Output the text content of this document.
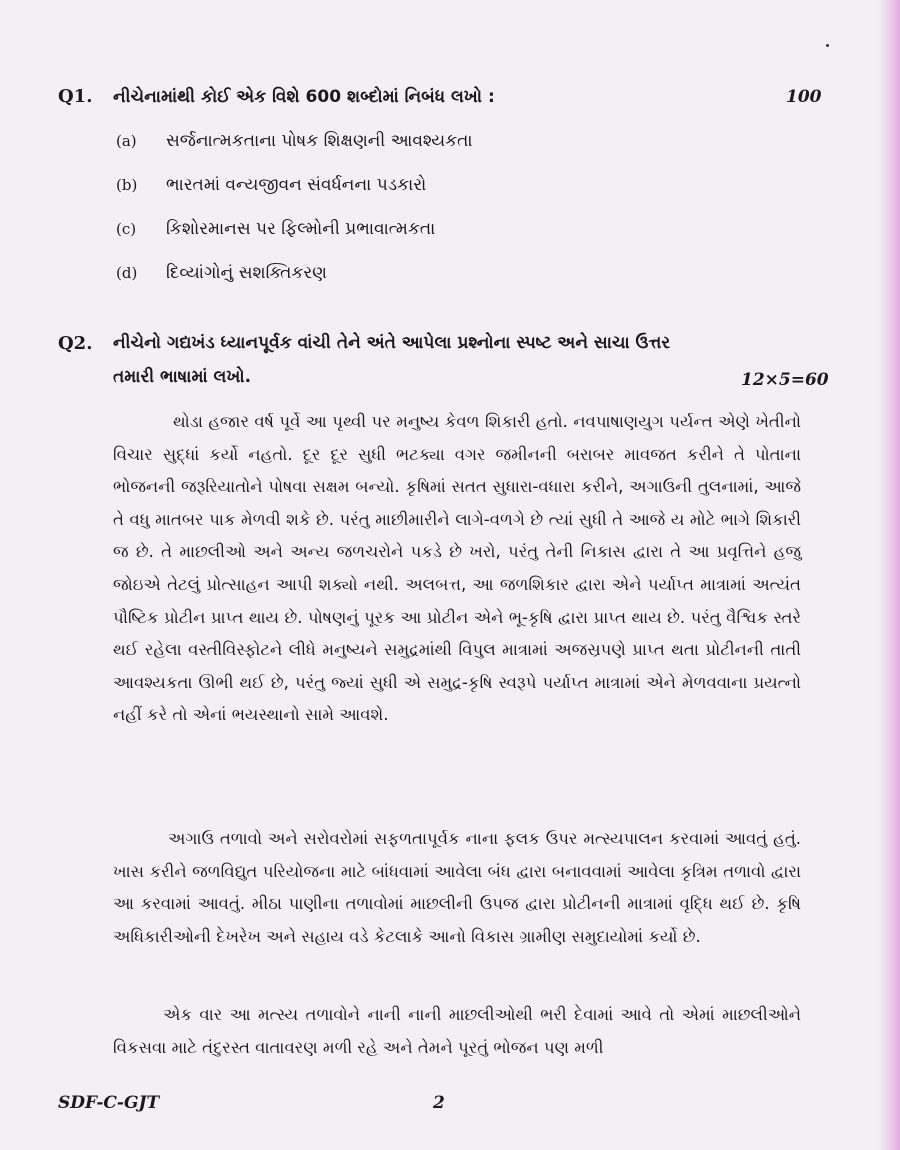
Q1. નીચેનામાંથી કોઈ એક વિશે 600 શબ્દોમાં નિબંધ લખો :	100
(a)	સર્જનાત્મકતાના પોષક શિક્ષણની આવશ્યકતા
(b)	ભારતમાં વન્યજીવન સંવર્ધનના પડકારો
(c)	કિશોરમાનસ પર ફિલ્મોની પ્રભાવાત્મકતા
(d)	દિવ્યાંગોનું સશક્તિકરણ
Q2. નીચેનો ગદ્યખંડ ધ્યાનપૂર્વક વાંચી તેને અંતે આપેલા પ્રશ્નોના સ્પષ્ટ અને સાચા ઉત્તર તમારી ભાષામાં લખો.	12×5=60

થોડા હજાર વર્ષ પૂર્વે આ પૃથ્વી પર મનુષ્ય કેવળ શિકારી હતો. નવપાષાણયુગ પર્યન્ત એણે ખેતીનો વિચાર સુદ્ધાં કર્યો નહતો. દૂર દૂર સુધી ભટક્યા વગર જમીનની બરાબર માવજત કરીને તે પોતાના ભોજનની જરૂરિયાતોને પોષવા સક્ષમ બન્યો. કૃષિમાં સતત સુધારા-વધારા કરીને, અગાઉની તુલનામાં, આજે તે વધુ માતબર પાક મેળવી શકે છે. પરંતુ માછીમારીને લાગે-વળગે છે ત્યાં સુધી તે આજે ય મોટે ભાગે શિકારી જ છે. તે માછલીઓ અને અન્ય જળચરોને પકડે છે ખરો, પરંતુ તેની નિકાસ દ્વારા તે આ પ્રવૃત્તિને હજુ જોઇએ તેટલું પ્રોત્સાહન આપી શક્યો નથી. અલબત્ત, આ જળશિકાર દ્વારા એને પર્યાપ્ત માત્રામાં અત્યંત પૌષ્ટિક પ્રોટીન પ્રાપ્ત થાય છે. પોષણનું પૂરક આ પ્રોટીન એને ભૂ-કૃષિ દ્વારા પ્રાપ્ત થાય છે. પરંતુ વૈશ્વિક સ્તરે થઈ રહેલા વસ્તીવિસ્ફોટને લીધે મનુષ્યને સમુદ્રમાંથી વિપુલ માત્રામાં અજસ્રપણે પ્રાપ્ત થતા પ્રોટીનની તાતી આવશ્યકતા ઊભી થઈ છે, પરંતુ જ્યાં સુધી એ સમુદ્ર-કૃષિ સ્વરૂપે પર્યાપ્ત માત્રામાં એને મેળવવાના પ્રયત્નો નહીં કરે તો એનાં ભયસ્થાનો સામે આવશે.

અગાઉ તળાવો અને સરોવરોમાં સફળતાપૂર્વક નાના ફલક ઉપર મત્સ્યપાલન કરવામાં આવતું હતું. ખાસ કરીને જળવિદ્યુત પરિયોજના માટે બાંધવામાં આવેલા બંધ દ્વારા બનાવવામાં આવેલા કૃત્રિમ તળાવો દ્વારા આ કરવામાં આવતું. મીઠા પાણીના તળાવોમાં માછલીની ઉપજ દ્વારા પ્રોટીનની માત્રામાં વૃદ્ધિ થઈ છે. કૃષિ અધિકારીઓની દેખરેખ અને સહાય વડે કેટલાકે આનો વિકાસ ગ્રામીણ સમુદાયોમાં કર્યો છે.

એક વાર આ મત્સ્ય તળાવોને નાની નાની માછલીઓથી ભરી દેવામાં આવે તો એમાં માછલીઓને વિકસવા માટે તંદુરસ્ત વાતાવરણ મળી રહે અને તેમને પૂરતું ભોજન પણ મળી

SDF-C-GJT	2
